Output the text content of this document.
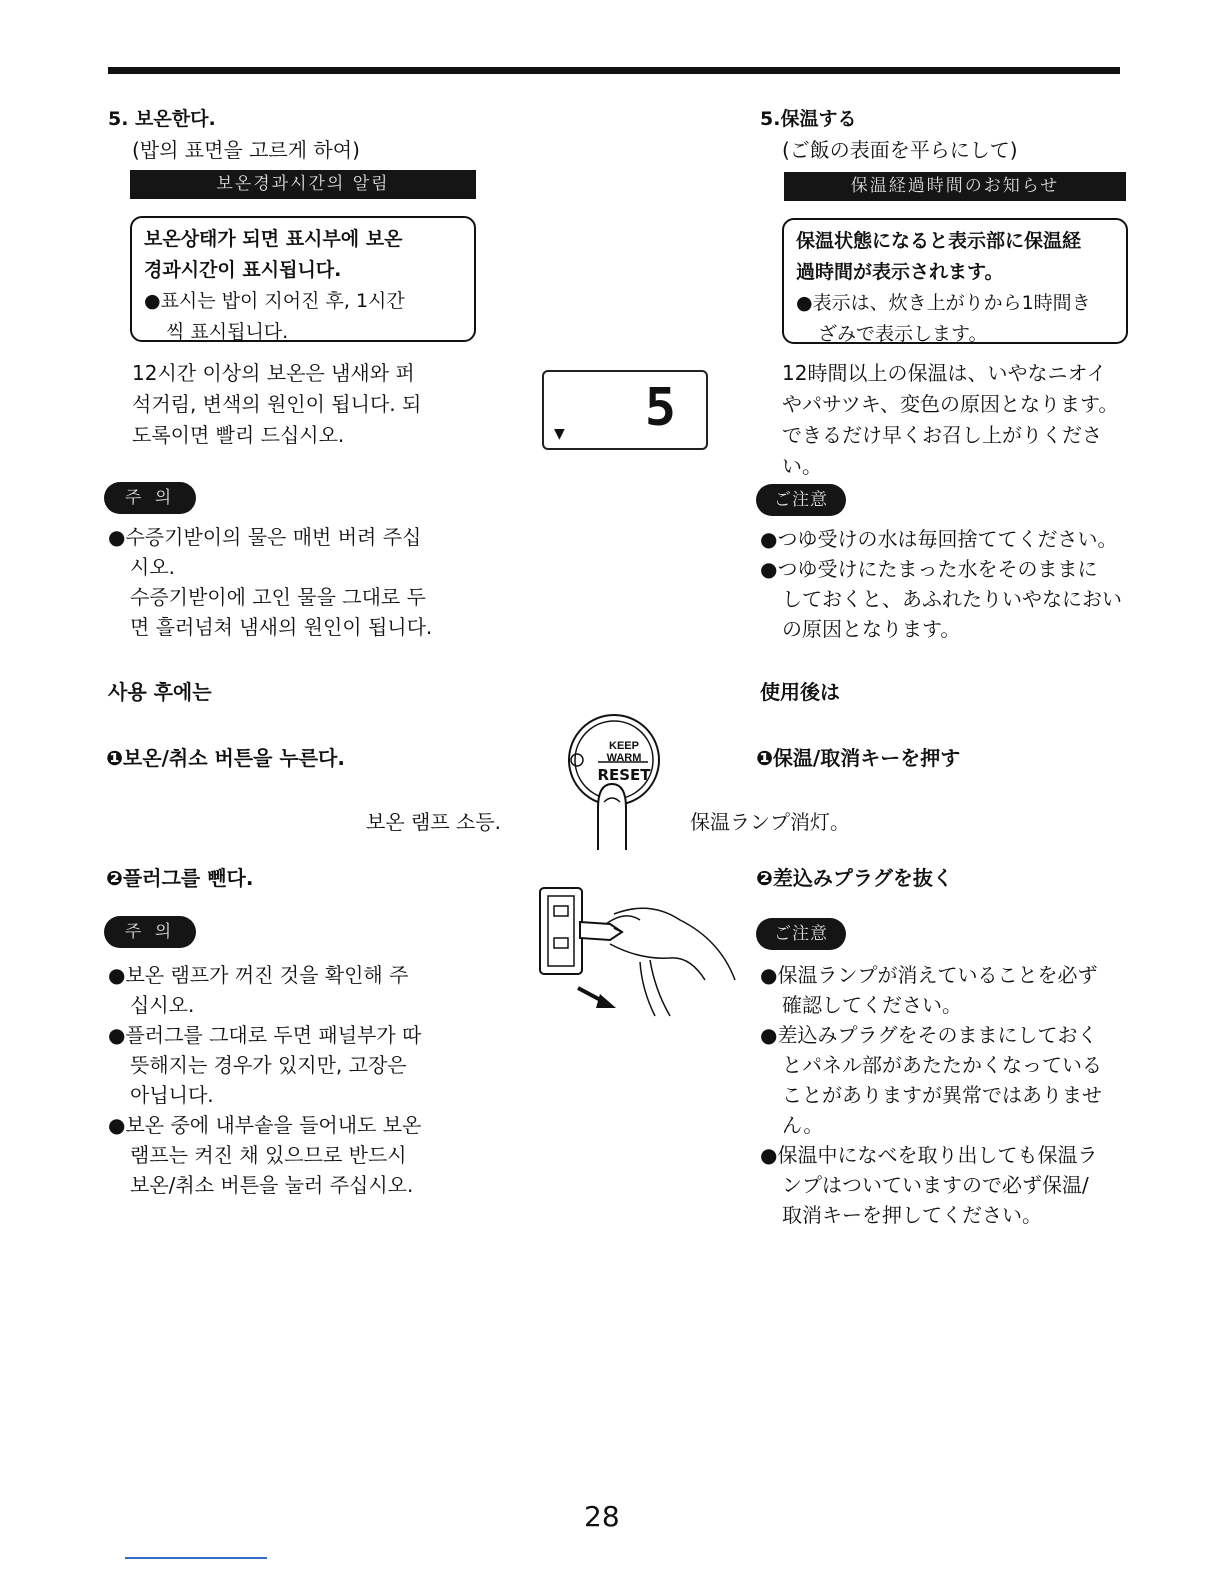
5. 보온한다.
(밥의 표면을 고르게 하여)
보온경과시간의 알림
보온상태가 되면 표시부에 보온
경과시간이 표시됩니다.
●표시는 밥이 지어진 후, 1시간
씩 표시됩니다.
12시간 이상의 보온은 냄새와 퍼
석거림, 변색의 원인이 됩니다. 되
도록이면 빨리 드십시오.
주 의
●수증기받이의 물은 매번 버려 주십
시오.
수증기받이에 고인 물을 그대로 두
면 흘러넘쳐 냄새의 원인이 됩니다.
사용 후에는
❶보온/취소 버튼을 누른다.
보온 램프 소등.
❷플러그를 뺀다.
주 의
●보온 램프가 꺼진 것을 확인해 주
십시오.
●플러그를 그대로 두면 패널부가 따
뜻해지는 경우가 있지만, 고장은
아닙니다.
●보온 중에 내부솥을 들어내도 보온
램프는 켜진 채 있으므로 반드시
보온/취소 버튼을 눌러 주십시오.
5
▼
KEEP WARM
RESET
5.保温する
(ご飯の表面を平らにして)
保温経過時間のお知らせ
保温状態になると表示部に保温経
過時間が表示されます。
●表示は、炊き上がりから1時間き
ざみで表示します。
12時間以上の保温は、いやなニオイ
やパサツキ、変色の原因となります。
できるだけ早くお召し上がりください。
ご注意
●つゆ受けの水は毎回捨ててください。
●つゆ受けにたまった水をそのままに
しておくと、あふれたりいやなにおい
の原因となります。
使用後は
❶保温/取消キーを押す
保温ランプ消灯。
❷差込みプラグを抜く
ご注意
●保温ランプが消えていることを必ず
確認してください。
●差込みプラグをそのままにしておく
とパネル部があたたかくなっている
ことがありますが異常ではありません。
●保温中になべを取り出しても保温ラ
ンプはついていますので必ず保温/
取消キーを押してください。
28
